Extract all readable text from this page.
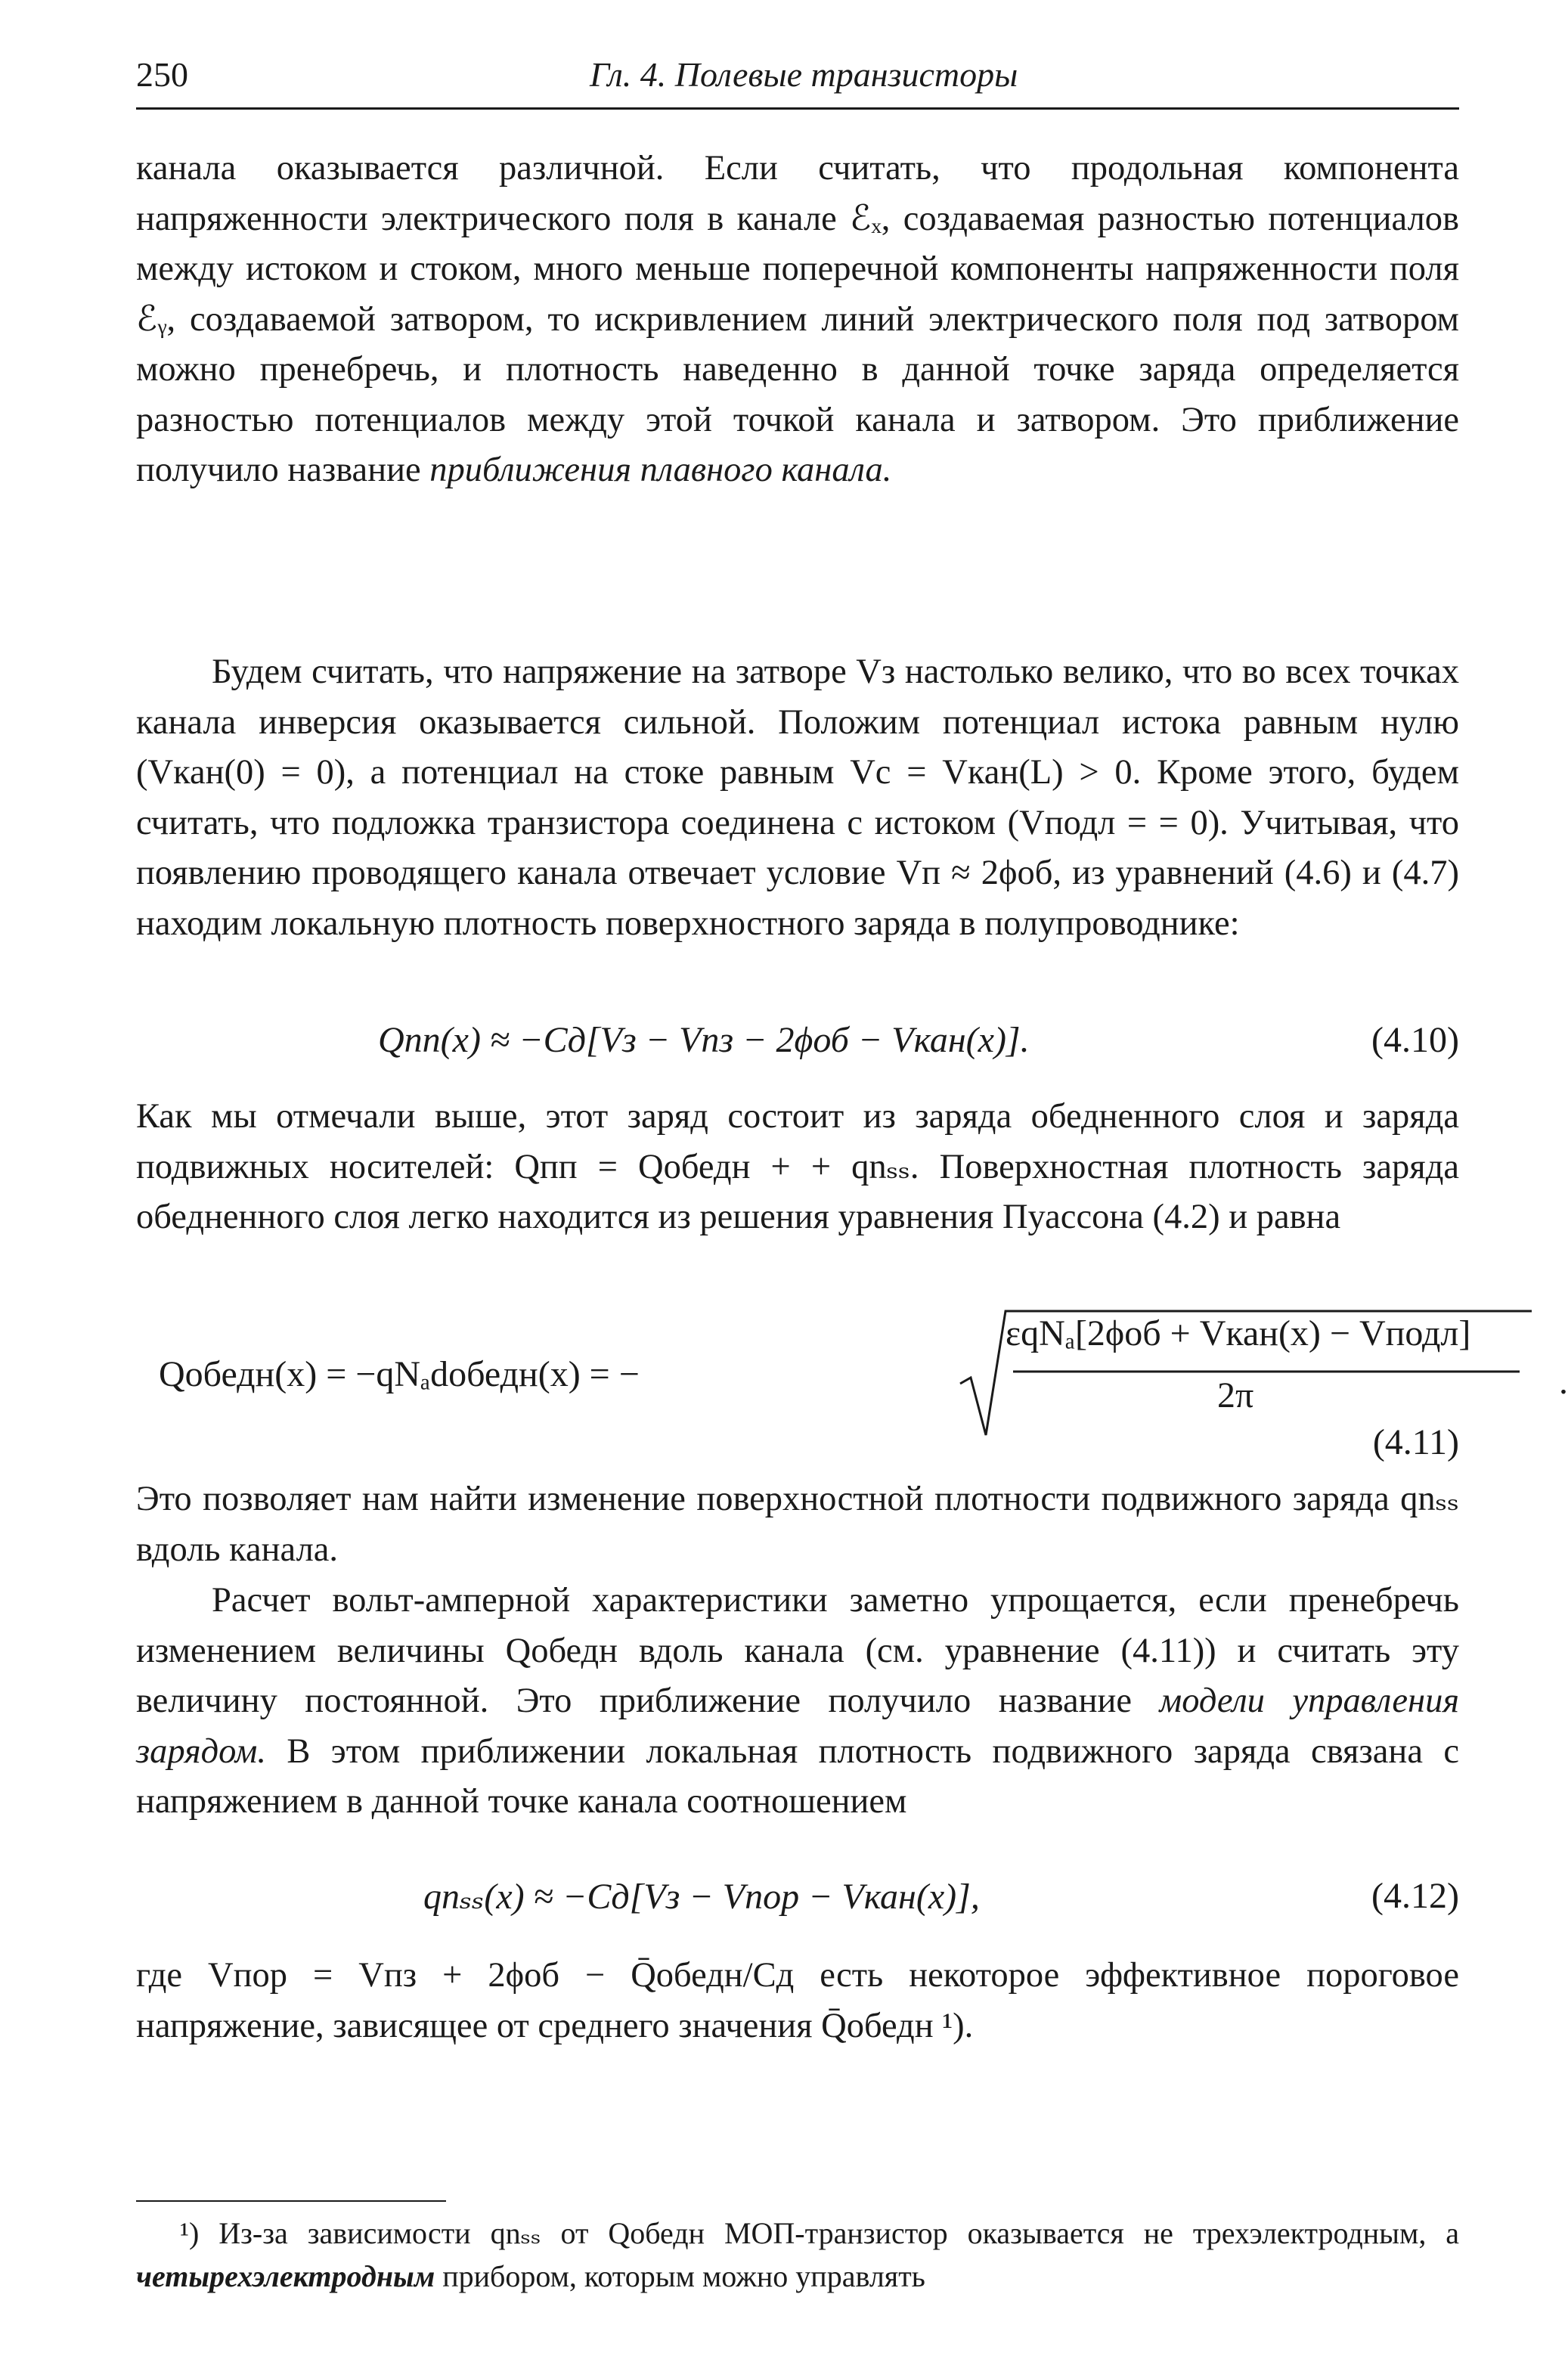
250	Гл. 4. Полевые транзисторы

канала оказывается различной. Если считать, что продольная компонента напряженности электрического поля в канале ℰₓ, создаваемая разностью потенциалов между истоком и стоком, много меньше поперечной компоненты напряженности поля ℰᵧ, создаваемой затвором, то искривлением линий электрического поля под затвором можно пренебречь, и плотность наведенно в данной точке заряда определяется разностью потенциалов между этой точкой канала и затвором. Это приближение получило название приближения плавного канала.

Будем считать, что напряжение на затворе Vз настолько велико, что во всех точках канала инверсия оказывается сильной. Положим потенциал истока равным нулю (Vкан(0) = 0), а потенциал на стоке равным Vс = Vкан(L) > 0. Кроме этого, будем считать, что подложка транзистора соединена с истоком (Vподл = = 0). Учитывая, что появлению проводящего канала отвечает условие Vп ≈ 2ϕоб, из уравнений (4.6) и (4.7) находим локальную плотность поверхностного заряда в полупроводнике:

Qпп(x) ≈ −Cд[Vз − Vпз − 2ϕоб − Vкан(x)].	(4.10)

Как мы отмечали выше, этот заряд состоит из заряда обедненного слоя и заряда подвижных носителей: Qпп = Qобедн + + qnₛₛ. Поверхностная плотность заряда обедненного слоя легко находится из решения уравнения Пуассона (4.2) и равна

Qобедн(x) = −qNₐdобедн(x) = −
εqNₐ[2ϕоб + Vкан(x) − Vподл]
2π	.
(4.11)

Это позволяет нам найти изменение поверхностной плотности подвижного заряда qnₛₛ вдоль канала.

Расчет вольт-амперной характеристики заметно упрощается, если пренебречь изменением величины Qобедн вдоль канала (см. уравнение (4.11)) и считать эту величину постоянной. Это приближение получило название модели управления зарядом. В этом приближении локальная плотность подвижного заряда связана с напряжением в данной точке канала соотношением

qnₛₛ(x) ≈ −Cд[Vз − Vпор − Vкан(x)],	(4.12)

где Vпор = Vпз + 2ϕоб − Q̄обедн/Cд есть некоторое эффективное пороговое напряжение, зависящее от среднего значения Q̄обедн ¹).

¹) Из-за зависимости qnₛₛ от Qобедн МОП-транзистор оказывается не трехэлектродным, а четырехэлектродным прибором, которым можно управлять
